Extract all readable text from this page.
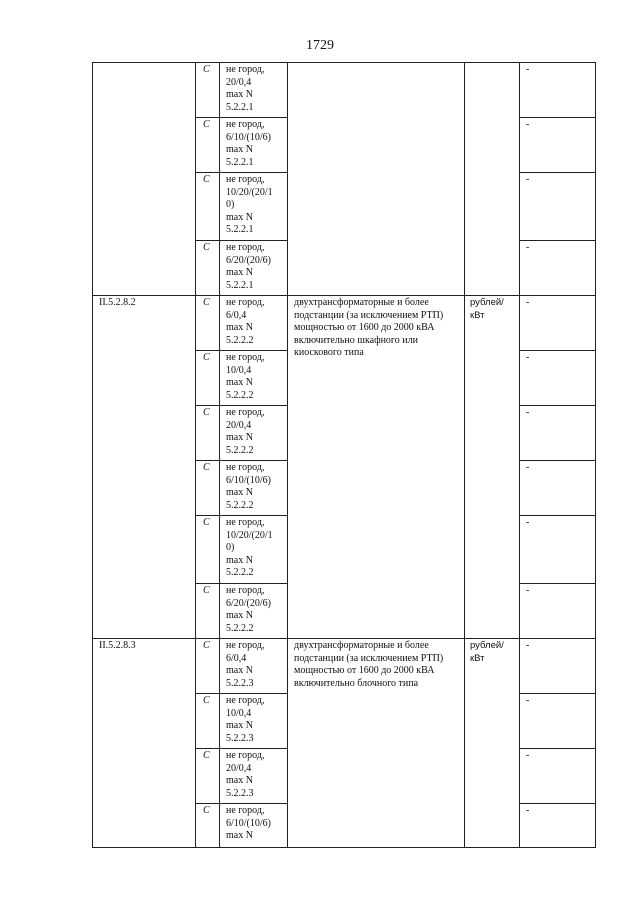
1729
	C	не город,
20/0,4
max N
5.2.2.1			-
	C	не город,
6/10/(10/6)
max N
5.2.2.1			-
	C	не город,
10/20/(20/1
0)
max N
5.2.2.1			-
	C	не город,
6/20/(20/6)
max N
5.2.2.1			-
II.5.2.8.2	C	не город,
6/0,4
max N
5.2.2.2	двухтрансформаторные и более подстанции (за исключением РТП) мощностью от 1600 до 2000 кВА включительно шкафного или киоскового типа	рублей/ кВт	-
	C	не город,
10/0,4
max N
5.2.2.2			-
	C	не город,
20/0,4
max N
5.2.2.2			-
	C	не город,
6/10/(10/6)
max N
5.2.2.2			-
	C	не город,
10/20/(20/1
0)
max N
5.2.2.2			-
	C	не город,
6/20/(20/6)
max N
5.2.2.2			-
II.5.2.8.3	C	не город,
6/0,4
max N
5.2.2.3	двухтрансформаторные и более подстанции (за исключением РТП) мощностью от 1600 до 2000 кВА включительно блочного типа	рублей/ кВт	-
	C	не город,
10/0,4
max N
5.2.2.3			-
	C	не город,
20/0,4
max N
5.2.2.3			-
	C	не город,
6/10/(10/6)
max N			-
